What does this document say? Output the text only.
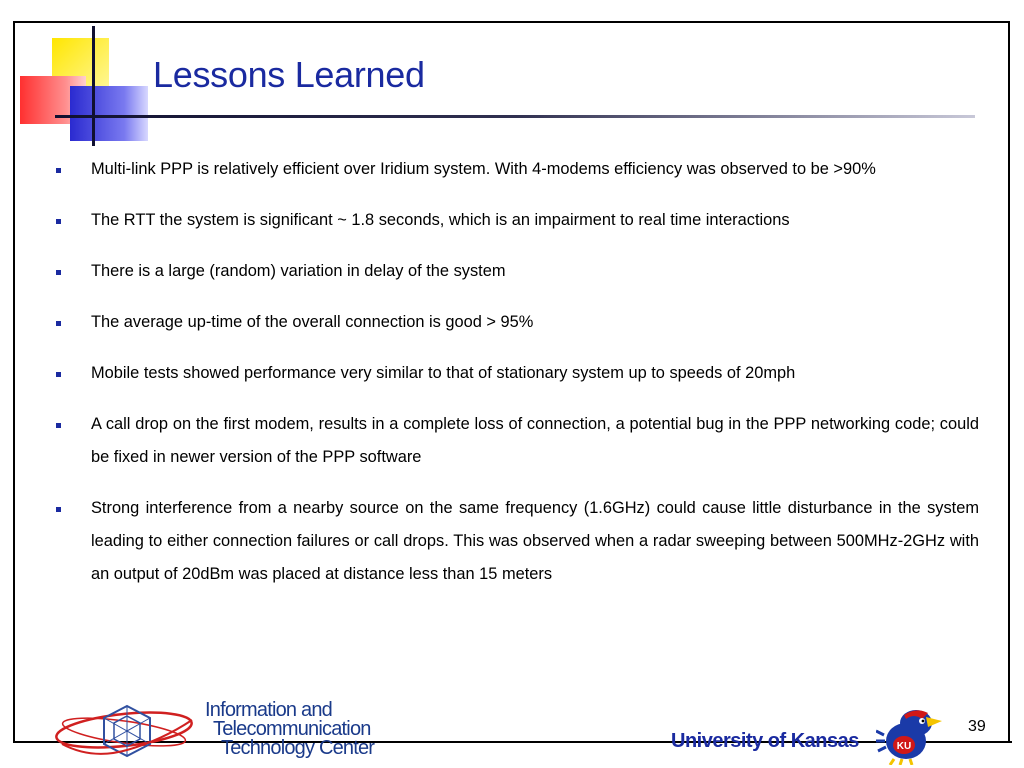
Lessons Learned
Multi-link PPP is relatively efficient over Iridium system. With 4-modems efficiency was observed to be >90%
The RTT the system is significant ~ 1.8 seconds, which is an impairment to real time interactions
There is a large (random) variation in delay of the system
The average up-time of the overall connection is good > 95%
Mobile tests showed performance very similar to that of stationary system up to speeds of 20mph
A call drop on the first modem, results in a complete loss of connection, a potential bug in the PPP networking code; could be fixed in newer version of the PPP software
Strong interference from a nearby source on the same frequency (1.6GHz) could cause little disturbance in the system leading to either connection failures or call drops. This was observed when a radar sweeping between 500MHz-2GHz with an output of 20dBm was placed at distance less than 15 meters
Information and
Telecommunication
Technology Center	University of Kansas	KU
39
